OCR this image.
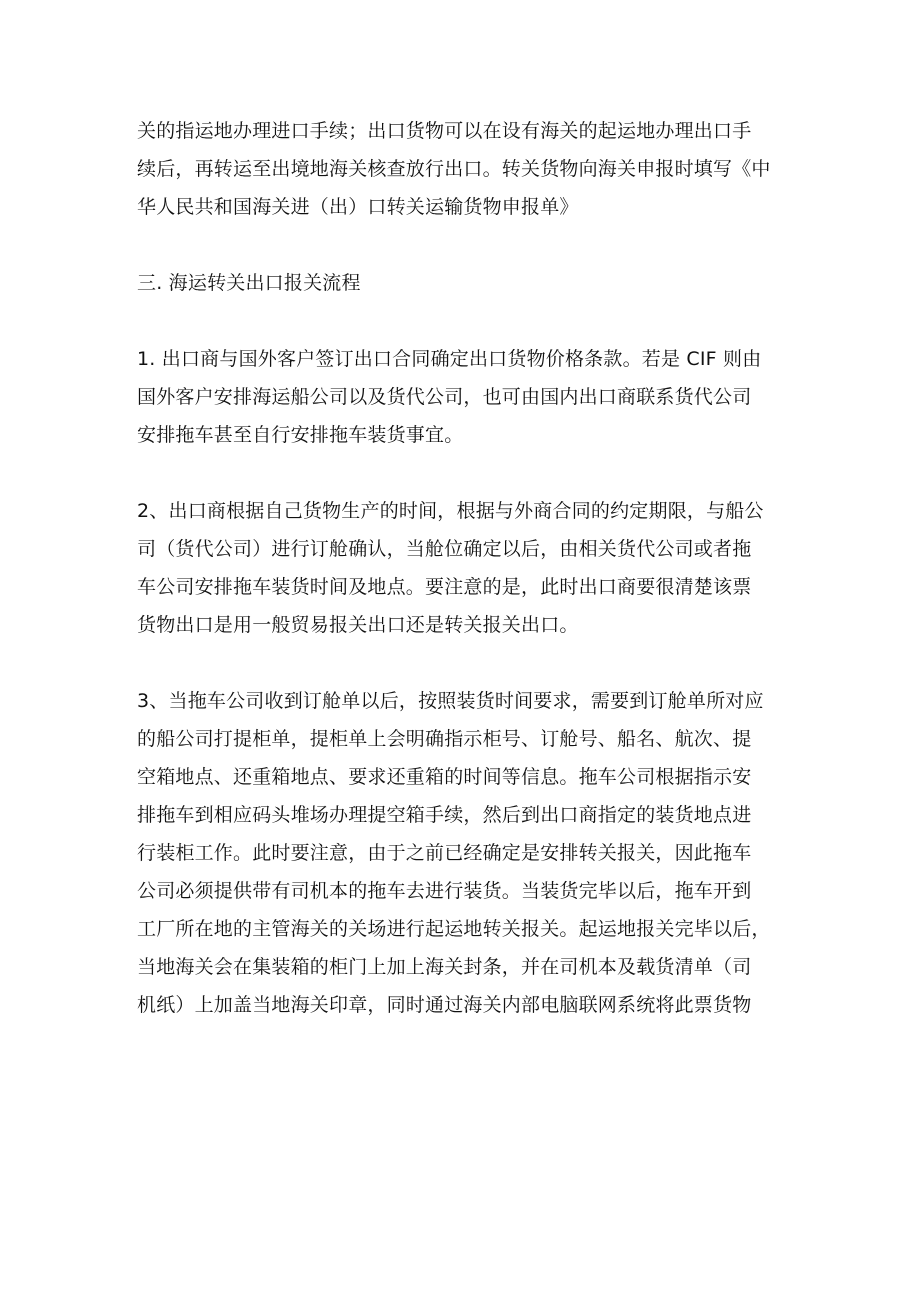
关的指运地办理进口手续；出口货物可以在设有海关的起运地办理出口手
续后，再转运至出境地海关核查放行出口。转关货物向海关申报时填写《中
华人民共和国海关进（出）口转关运输货物申报单》

三. 海运转关出口报关流程

1. 出口商与国外客户签订出口合同确定出口货物价格条款。若是 CIF 则由
国外客户安排海运船公司以及货代公司，也可由国内出口商联系货代公司
安排拖车甚至自行安排拖车装货事宜。

2、出口商根据自己货物生产的时间，根据与外商合同的约定期限，与船公
司（货代公司）进行订舱确认，当舱位确定以后，由相关货代公司或者拖
车公司安排拖车装货时间及地点。要注意的是，此时出口商要很清楚该票
货物出口是用一般贸易报关出口还是转关报关出口。

3、当拖车公司收到订舱单以后，按照装货时间要求，需要到订舱单所对应
的船公司打提柜单，提柜单上会明确指示柜号、订舱号、船名、航次、提
空箱地点、还重箱地点、要求还重箱的时间等信息。拖车公司根据指示安
排拖车到相应码头堆场办理提空箱手续，然后到出口商指定的装货地点进
行装柜工作。此时要注意，由于之前已经确定是安排转关报关，因此拖车
公司必须提供带有司机本的拖车去进行装货。当装货完毕以后，拖车开到
工厂所在地的主管海关的关场进行起运地转关报关。起运地报关完毕以后，
当地海关会在集装箱的柜门上加上海关封条，并在司机本及载货清单（司
机纸）上加盖当地海关印章，同时通过海关内部电脑联网系统将此票货物
